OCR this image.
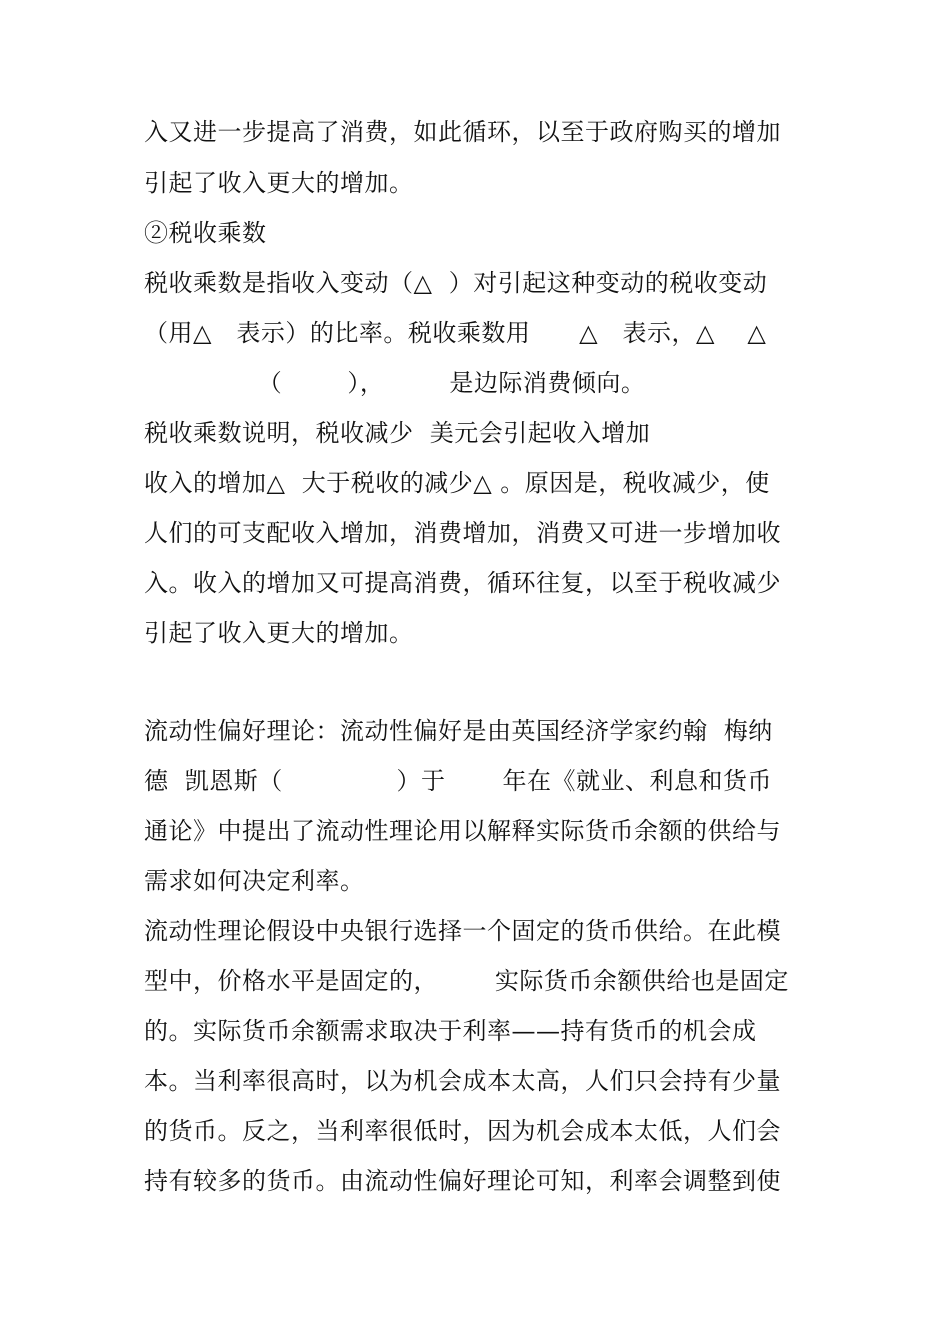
入又进一步提高了消费，如此循环，以至于政府购买的增加
引起了收入更大的增加。
②税收乘数
税收乘数是指收入变动（△  ）对引起这种变动的税收变动
（用△   表示）的比率。税收乘数用      △   表示，△    △
（        ），        是边际消费倾向。
税收乘数说明，税收减少  美元会引起收入增加
收入的增加△  大于税收的减少△ 。原因是，税收减少，使
人们的可支配收入增加，消费增加，消费又可进一步增加收
入。收入的增加又可提高消费，循环往复，以至于税收减少
引起了收入更大的增加。
流动性偏好理论：流动性偏好是由英国经济学家约翰  梅纳
德  凯恩斯（              ）于       年在《就业、利息和货币
通论》中提出了流动性理论用以解释实际货币余额的供给与
需求如何决定利率。
流动性理论假设中央银行选择一个固定的货币供给。在此模
型中，价格水平是固定的，       实际货币余额供给也是固定
的。实际货币余额需求取决于利率——持有货币的机会成
本。当利率很高时，以为机会成本太高，人们只会持有少量
的货币。反之，当利率很低时，因为机会成本太低，人们会
持有较多的货币。由流动性偏好理论可知，利率会调整到使
